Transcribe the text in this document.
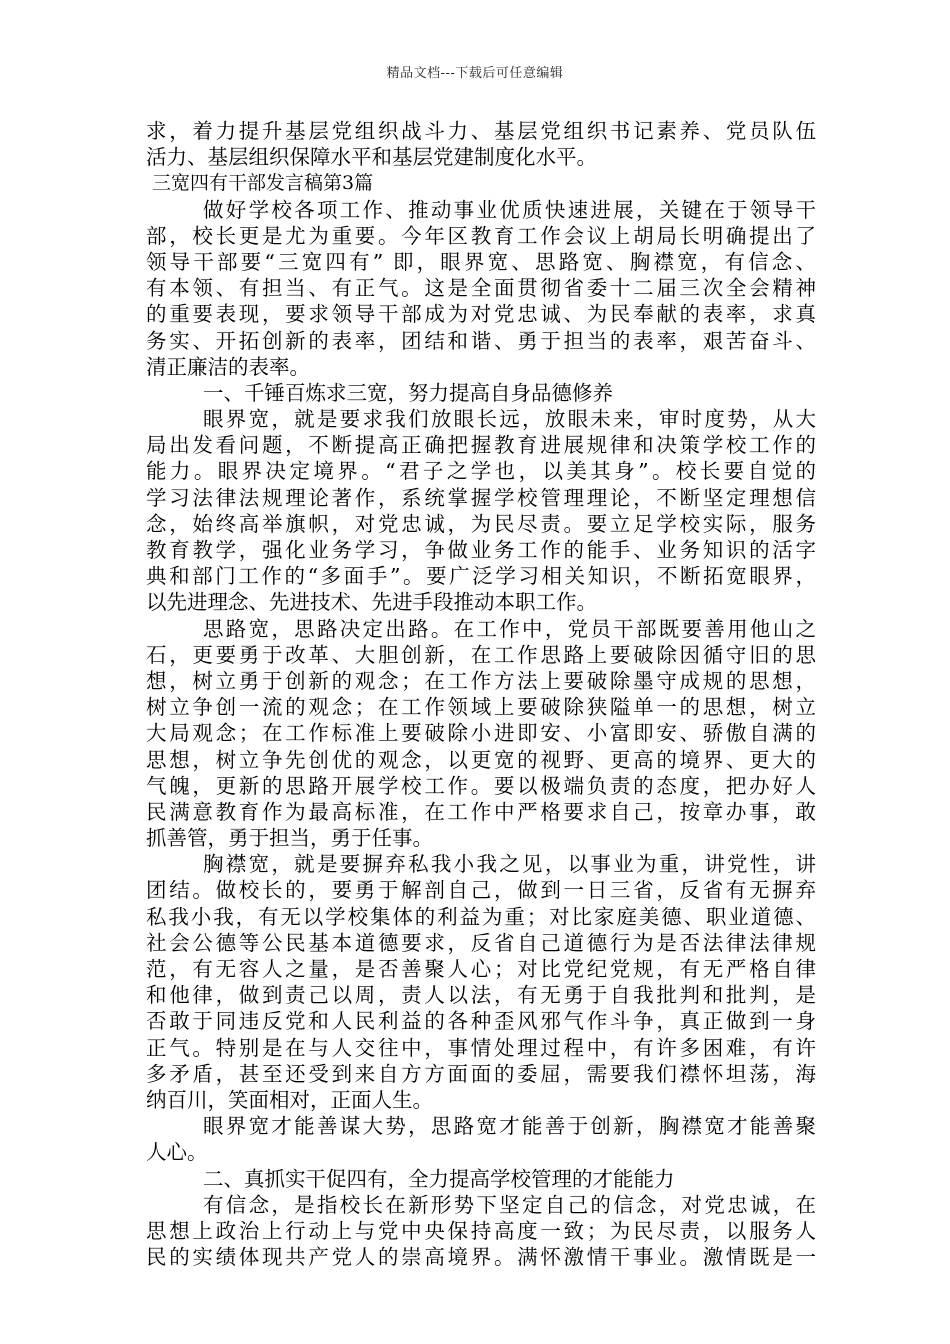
精品文档---下载后可任意编辑
求，着力提升基层党组织战斗力、基层党组织书记素养、党员队伍
活力、基层组织保障水平和基层党建制度化水平。
三宽四有干部发言稿第3篇
做好学校各项工作、推动事业优质快速进展，关键在于领导干
部，校长更是尤为重要。今年区教育工作会议上胡局长明确提出了
领导干部要“三宽四有” 即，眼界宽、思路宽、胸襟宽，有信念、
有本领、有担当、有正气。这是全面贯彻省委十二届三次全会精神
的重要表现，要求领导干部成为对党忠诚、为民奉献的表率，求真
务实、开拓创新的表率，团结和谐、勇于担当的表率，艰苦奋斗、
清正廉洁的表率。
一、千锤百炼求三宽，努力提高自身品德修养
眼界宽，就是要求我们放眼长远，放眼未来，审时度势，从大
局出发看问题，不断提高正确把握教育进展规律和决策学校工作的
能力。眼界决定境界。“君子之学也，以美其身”。校长要自觉的
学习法律法规理论著作，系统掌握学校管理理论，不断坚定理想信
念，始终高举旗帜，对党忠诚，为民尽责。要立足学校实际，服务
教育教学，强化业务学习，争做业务工作的能手、业务知识的活字
典和部门工作的“多面手”。要广泛学习相关知识，不断拓宽眼界，
以先进理念、先进技术、先进手段推动本职工作。
思路宽，思路决定出路。在工作中，党员干部既要善用他山之
石，更要勇于改革、大胆创新，在工作思路上要破除因循守旧的思
想，树立勇于创新的观念；在工作方法上要破除墨守成规的思想，
树立争创一流的观念；在工作领域上要破除狭隘单一的思想，树立
大局观念；在工作标准上要破除小进即安、小富即安、骄傲自满的
思想，树立争先创优的观念，以更宽的视野、更高的境界、更大的
气魄，更新的思路开展学校工作。要以极端负责的态度，把办好人
民满意教育作为最高标准，在工作中严格要求自己，按章办事，敢
抓善管，勇于担当，勇于任事。
胸襟宽，就是要摒弃私我小我之见，以事业为重，讲党性，讲
团结。做校长的，要勇于解剖自己，做到一日三省，反省有无摒弃
私我小我，有无以学校集体的利益为重；对比家庭美德、职业道德、
社会公德等公民基本道德要求，反省自己道德行为是否法律法律规
范，有无容人之量，是否善聚人心；对比党纪党规，有无严格自律
和他律，做到责己以周，责人以法，有无勇于自我批判和批判，是
否敢于同违反党和人民利益的各种歪风邪气作斗争，真正做到一身
正气。特别是在与人交往中，事情处理过程中，有许多困难，有许
多矛盾，甚至还受到来自方方面面的委屈，需要我们襟怀坦荡，海
纳百川，笑面相对，正面人生。
眼界宽才能善谋大势，思路宽才能善于创新，胸襟宽才能善聚
人心。
二、真抓实干促四有，全力提高学校管理的才能能力
有信念，是指校长在新形势下坚定自己的信念，对党忠诚，在
思想上政治上行动上与党中央保持高度一致；为民尽责，以服务人
民的实绩体现共产党人的崇高境界。满怀激情干事业。激情既是一
